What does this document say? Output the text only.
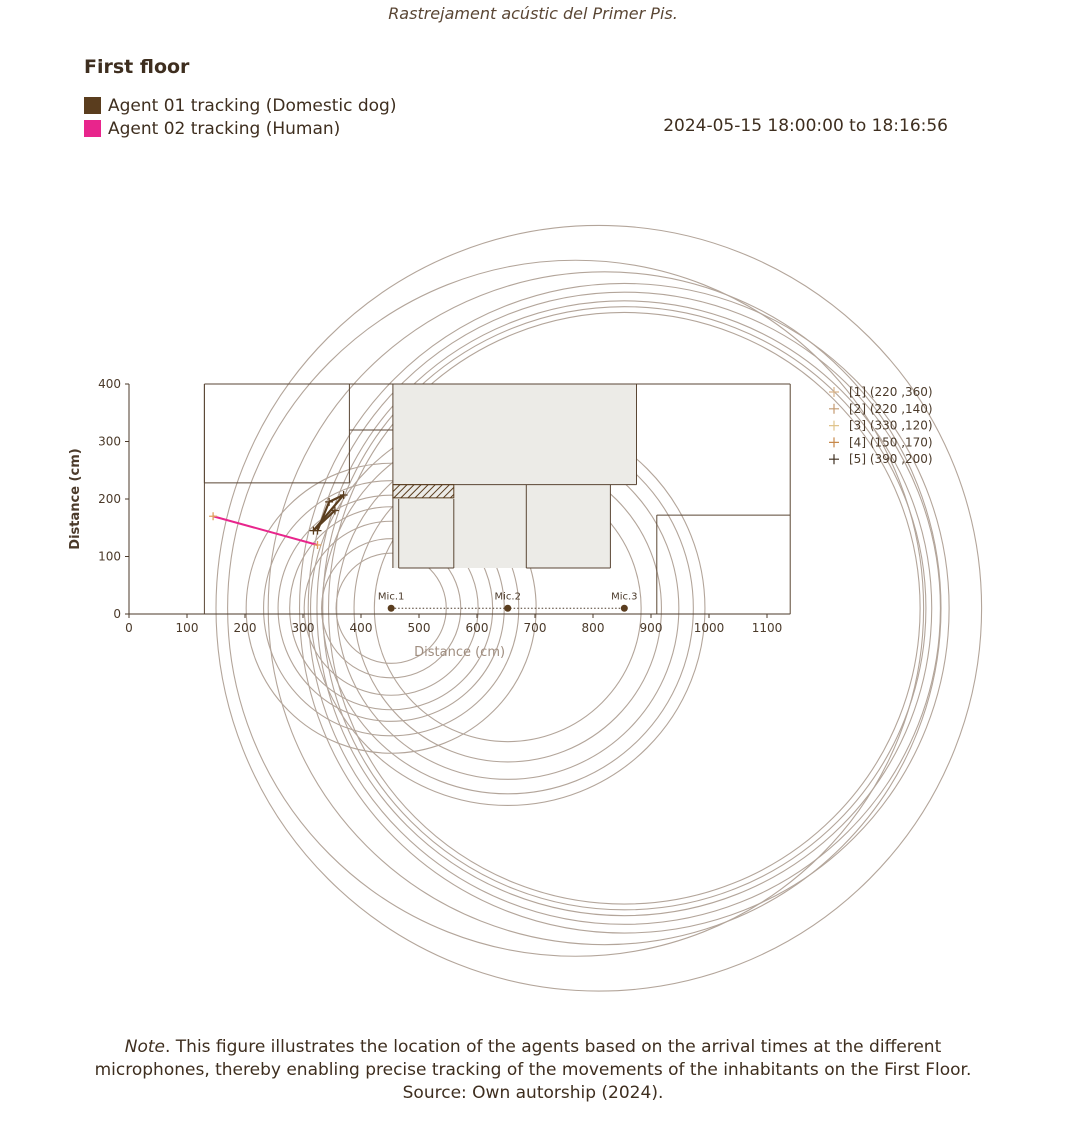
Rastrejament acústic del Primer Pis.
First floor
Agent 01 tracking (Domestic dog)
Agent 02 tracking (Human)	2024-05-15 18:00:00 to 18:16:56
0	100	200	300	400	500	600	700	800	900	1000 1100
0
100
200
300
400
Distance (cm)
Distance (cm)
Mic.1	Mic.2	Mic.3
[1] (220 ,360)
[2] (220 ,140)
[3] (330 ,120)
[4] (150 ,170)
[5] (390 ,200)
Note. This figure illustrates the location of the agents based on the arrival times at the different
microphones, thereby enabling precise tracking of the movements of the inhabitants on the First Floor.
Source: Own autorship (2024).
